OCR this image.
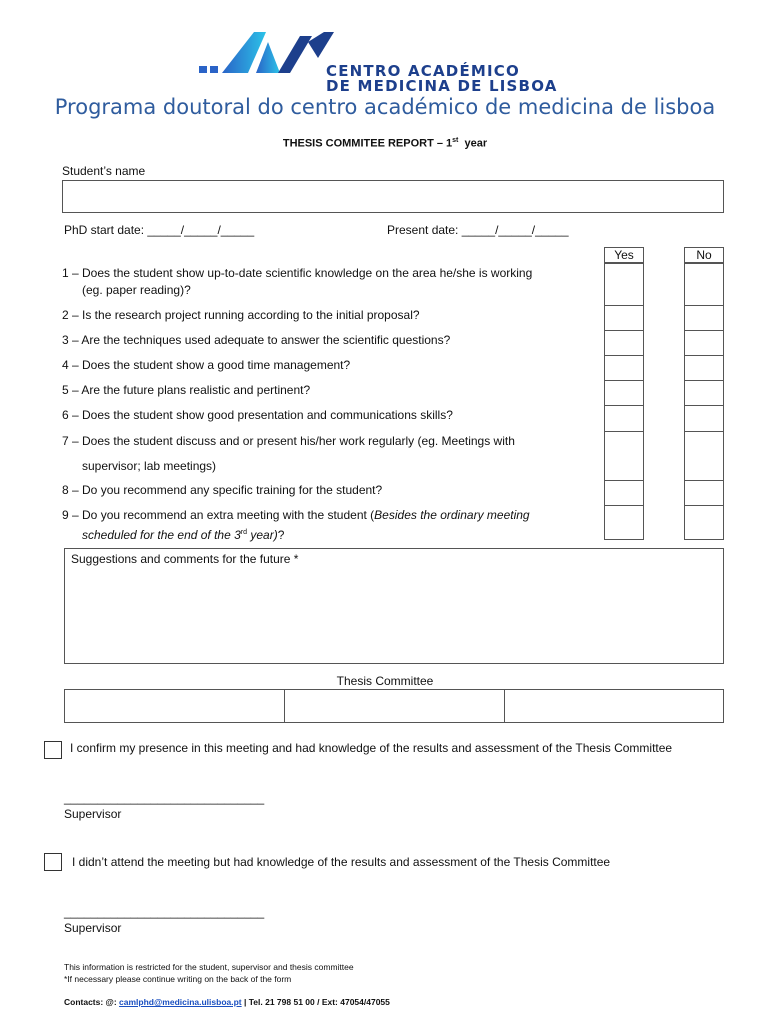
CENTRO ACADÉMICO
DE MEDICINA DE LISBOA
Programa doutoral do centro académico de medicina de lisboa
THESIS COMMITEE REPORT – 1st year
Student’s name
PhD start date: _____/_____/_____	Present date: _____/_____/_____
Yes	No
1 – Does the student show up-to-date scientific knowledge on the area he/she is working
(eg. paper reading)?
2 – Is the research project running according to the initial proposal?
3 – Are the techniques used adequate to answer the scientific questions?
4 – Does the student show a good time management?
5 – Are the future plans realistic and pertinent?
6 – Does the student show good presentation and communications skills?
7 – Does the student discuss and or present his/her work regularly (eg. Meetings with
supervisor; lab meetings)
8 – Do you recommend any specific training for the student?
9 – Do you recommend an extra meeting with the student (Besides the ordinary meeting
scheduled for the end of the 3rd year)?
Suggestions and comments for the future *
Thesis Committee
I confirm my presence in this meeting and had knowledge of the results and assessment of the Thesis Committee
______________________________
Supervisor
I didn’t attend the meeting but had knowledge of the results and assessment of the Thesis Committee
______________________________
Supervisor
This information is restricted for the student, supervisor and thesis committee
*If necessary please continue writing on the back of the form
Contacts: @: camlphd@medicina.ulisboa.pt | Tel. 21 798 51 00 / Ext: 47054/47055
